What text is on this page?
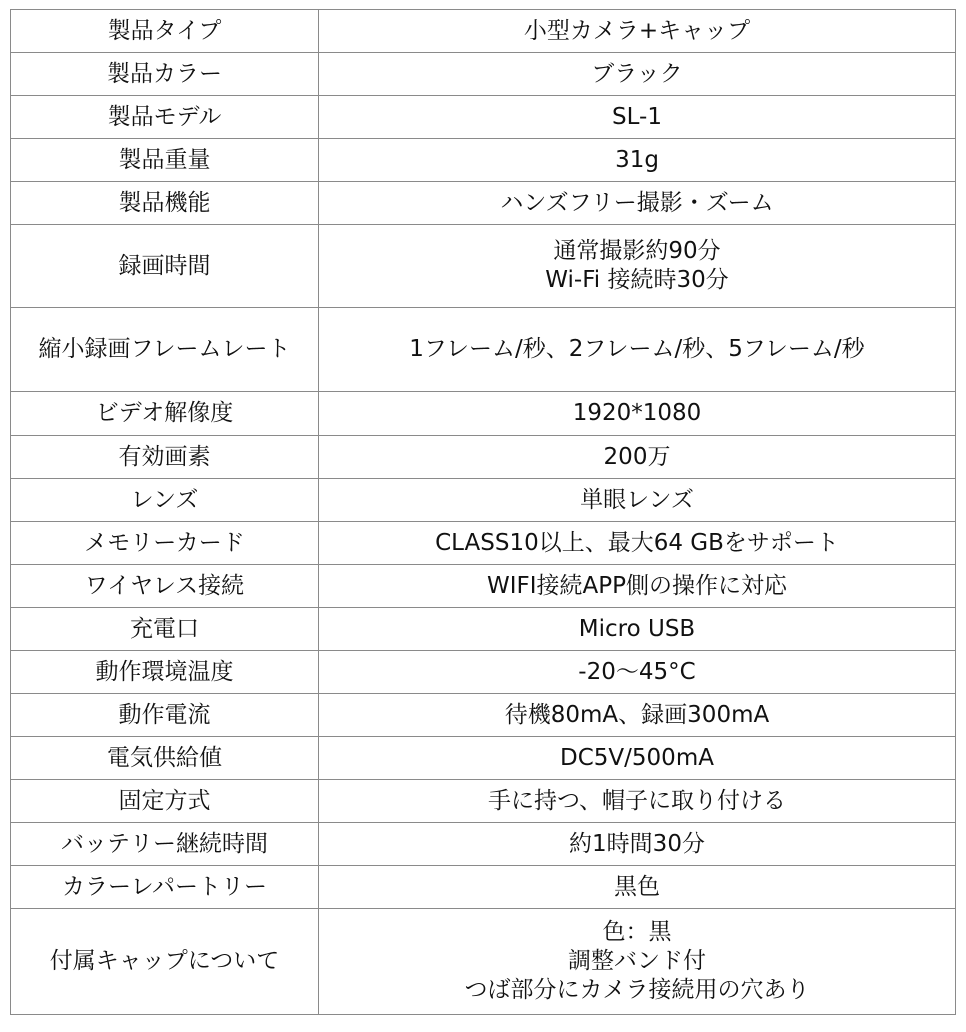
製品タイプ	小型カメラ+キャップ

製品カラー	ブラック

製品モデル	SL-1

製品重量	31g

製品機能	ハンズフリー撮影・ズーム

録画時間	通常撮影約90分
Wi-Fi 接続時30分

縮小録画フレームレート	1フレーム/秒、2フレーム/秒、5フレーム/秒

ビデオ解像度	1920*1080

有効画素	200万

レンズ	単眼レンズ

メモリーカード	CLASS10以上、最大64 GBをサポート

ワイヤレス接続	WIFI接続APP側の操作に対応

充電口	Micro USB

動作環境温度	-20〜45°C

動作電流	待機80mA、録画300mA

電気供給値	DC5V/500mA

固定方式	手に持つ、帽子に取り付ける

バッテリー継続時間	約1時間30分

カラーレパートリー	黒色

付属キャップについて	色：黒
調整バンド付
つば部分にカメラ接続用の穴あり
